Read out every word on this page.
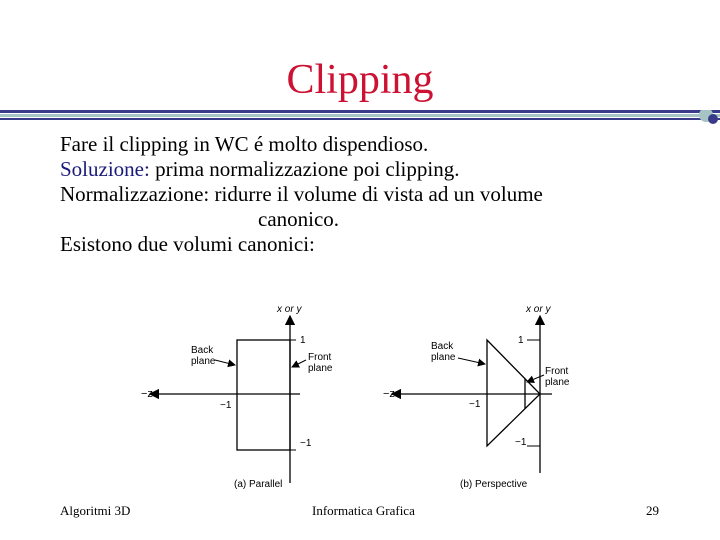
Clipping

Fare il clipping in WC é molto dispendioso.

Soluzione: prima normalizzazione poi clipping.

Normalizzazione: ridurre il volume di vista ad un volume

canonico.

Esistono due volumi canonici:

x or y
−z
1
−1
−1
Back
plane	Front
plane
(a) Parallel
x or y
−z
1
−1
−1
Back
plane
Front
plane
(b) Perspective
Algoritmi 3D	Informatica Grafica	29
